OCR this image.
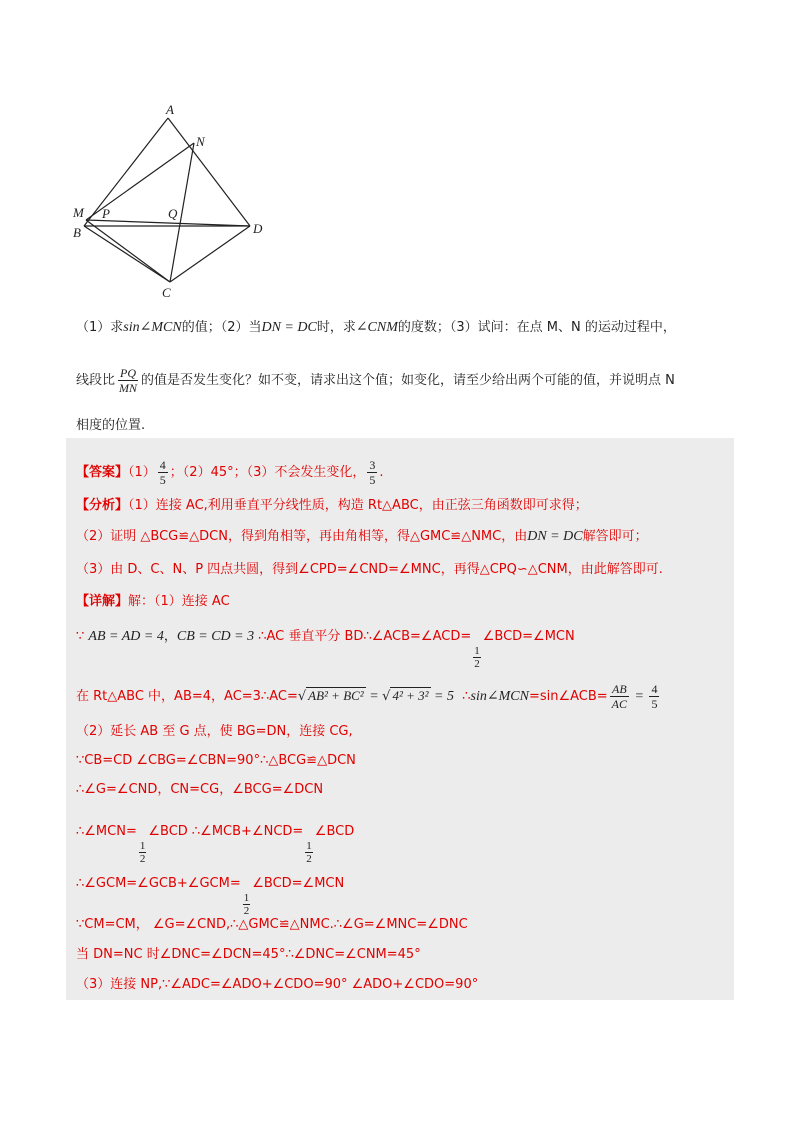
A
N
M P	Q
B	D
C
（1）求sin∠MCN的值；（2）当DN = DC时，求∠CNM的度数；（3）试问：在点 M、N 的运动过程中，
线段比 $\frac{PQ}{MN}$ 的值是否发生变化？如不变，请求出这个值；如变化，请至少给出两个可能的值，并说明点 N
相度的位置.
【答案】$(1) \frac{4}{5}$ ；（2）45°；（3）不会发生变化， $\frac{3}{5}$ .
【分析】（1）连接 AC,利用垂直平分线性质，构造 Rt△ABC，由正弦三角函数即可求得；
（2）证明 △BCG≌△DCN，得到角相等，再由角相等，得△GMC≌△NMC，由DN = DC解答即可；
（3）由 D、C、N、P 四点共圆，得到∠CPD=∠CND=∠MNC，再得△CPQ∽△CNM，由此解答即可.
【详解】解：（1）连接 AC
∵ AB = AD = 4，CB = CD = 3 ∴AC 垂直平分 BD∴∠ACB=∠ACD=
$\frac{1}{2}$
∠BCD=∠MCN
在 Rt△ABC 中，AB=4，AC=3∴AC=√ AB² + BC² = √ 4² + 3² = 5 ∴sin∠MCN=sin∠ACB= $\frac{AB}{AC} = \frac{4}{5}$
（2）延长 AB 至 G 点，使 BG=DN，连接 CG,
∵CB=CD ∠CBG=∠CBN=90°∴△BCG≌△DCN
∴∠G=∠CND，CN=CG，∠BCG=∠DCN
∴∠MCN=
$\frac{1}{2}$
∠BCD ∴∠MCB+∠NCD=
$\frac{1}{2}$
∠BCD
∴∠GCM=∠GCB+∠GCM=
$\frac{1}{2}$
∠BCD=∠MCN
∵CM=CM， ∠G=∠CND,∴△GMC≌△NMC.∴∠G=∠MNC=∠DNC
当 DN=NC 时∠DNC=∠DCN=45°∴∠DNC=∠CNM=45°
（3）连接 NP,∵∠ADC=∠ADO+∠CDO=90° ∠ADO+∠CDO=90°
